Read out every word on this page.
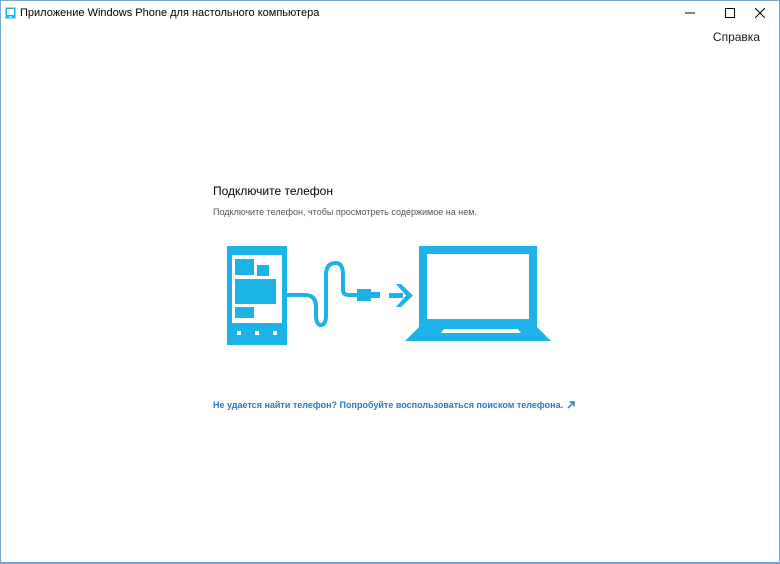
Приложение Windows Phone для настольного компьютера
Справка
Подключите телефон
Подключите телефон, чтобы просмотреть содержимое на нем.
Не удается найти телефон? Попробуйте воспользоваться поиском телефона.
